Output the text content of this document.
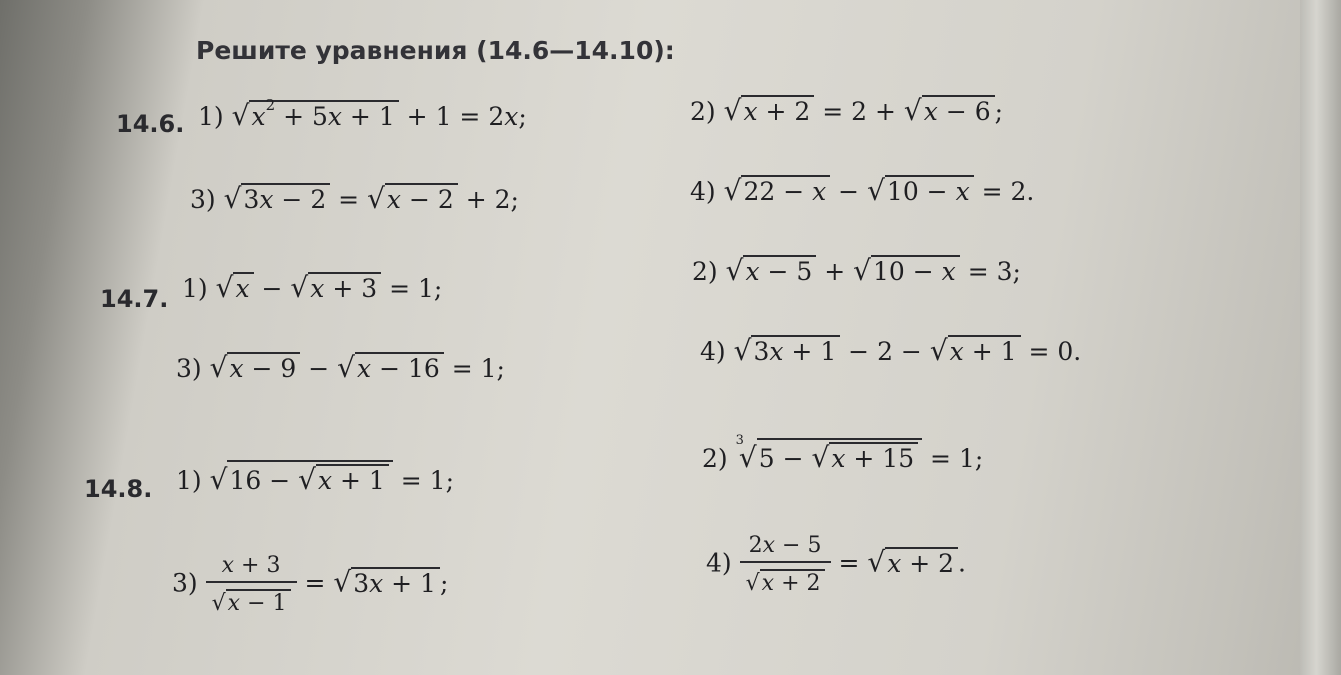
Решите уравнения (14.6—14.10):
14.6. 1) $√x^2 + 5x + 1 + 1 = 2x$;	2) √x + 2 = 2 + √x − 6 ;
3) √3x − 2 = √x − 2 + 2;	4) √22 − x − √10 − x = 2.
14.7. 1) √x − √x + 3 = 1;
2) √x − 5 + √10 − x = 3;
3) √x − 9 − √x − 16 = 1;
4) √3x + 1 − 2 − √x + 1 = 0.
14.8. 1) √16 − √x + 1 = 1;
2) $^3$√5 − √x + 15 = 1;
$3) \frac{x + 3}{√x - 1} = √3x + 1$ ;
$4) \frac{2x - 5}{√x + 2} = √x + 2$ .
